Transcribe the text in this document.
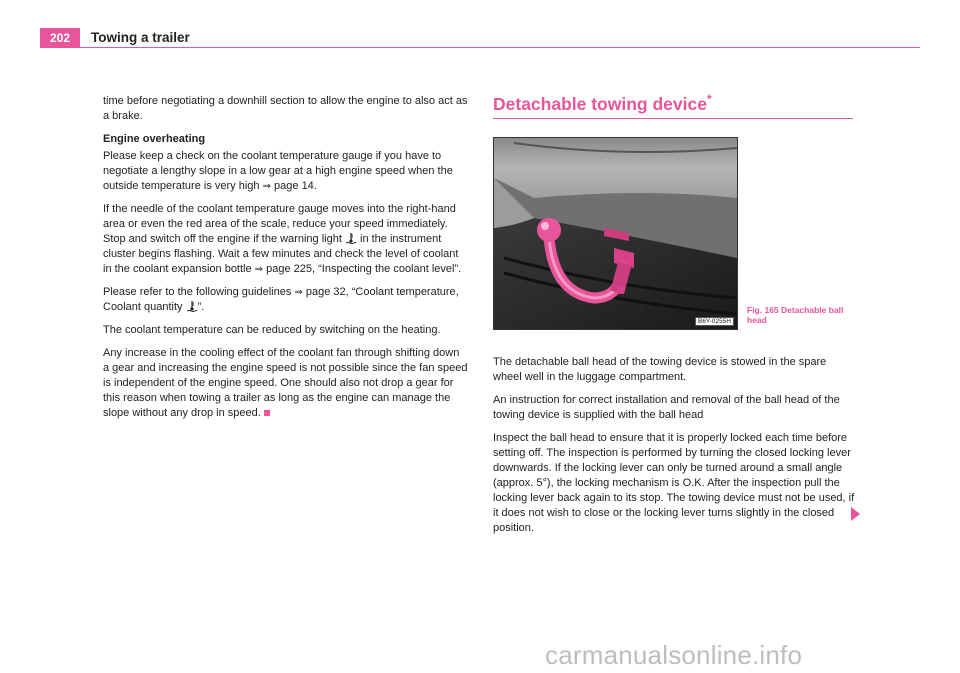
202	Towing a trailer

time before negotiating a downhill section to allow the engine to also act as a brake.

Engine overheating

Please keep a check on the coolant temperature gauge if you have to negotiate a lengthy slope in a low gear at a high engine speed when the outside temperature is very high ⇒ page 14.

If the needle of the coolant temperature gauge moves into the right-hand area or even the red area of the scale, reduce your speed immediately. Stop and switch off the engine if the warning light  in the instrument cluster begins flashing. Wait a few minutes and check the level of coolant in the coolant expansion bottle ⇒ page 225, “Inspecting the coolant level”.

Please refer to the following guidelines ⇒ page 32, “Coolant temperature, Coolant quantity ”.

The coolant temperature can be reduced by switching on the heating.

Any increase in the cooling effect of the coolant fan through shifting down a gear and increasing the engine speed is not possible since the fan speed is independent of the engine speed. One should also not drop a gear for this reason when towing a trailer as long as the engine can manage the slope without any drop in speed.

Detachable towing device*
B6Y-0255H
Fig. 165 Detachable ball head

The detachable ball head of the towing device is stowed in the spare wheel well in the luggage compartment.

An instruction for correct installation and removal of the ball head of the towing device is supplied with the ball head

Inspect the ball head to ensure that it is properly locked each time before setting off. The inspection is performed by turning the closed locking lever downwards. If the locking lever can only be turned around a small angle (approx. 5°), the locking mechanism is O.K. After the inspection pull the locking lever back again to its stop. The towing device must not be used, if it does not wish to close or the locking lever turns slightly in the closed position.

carmanualsonline.info
